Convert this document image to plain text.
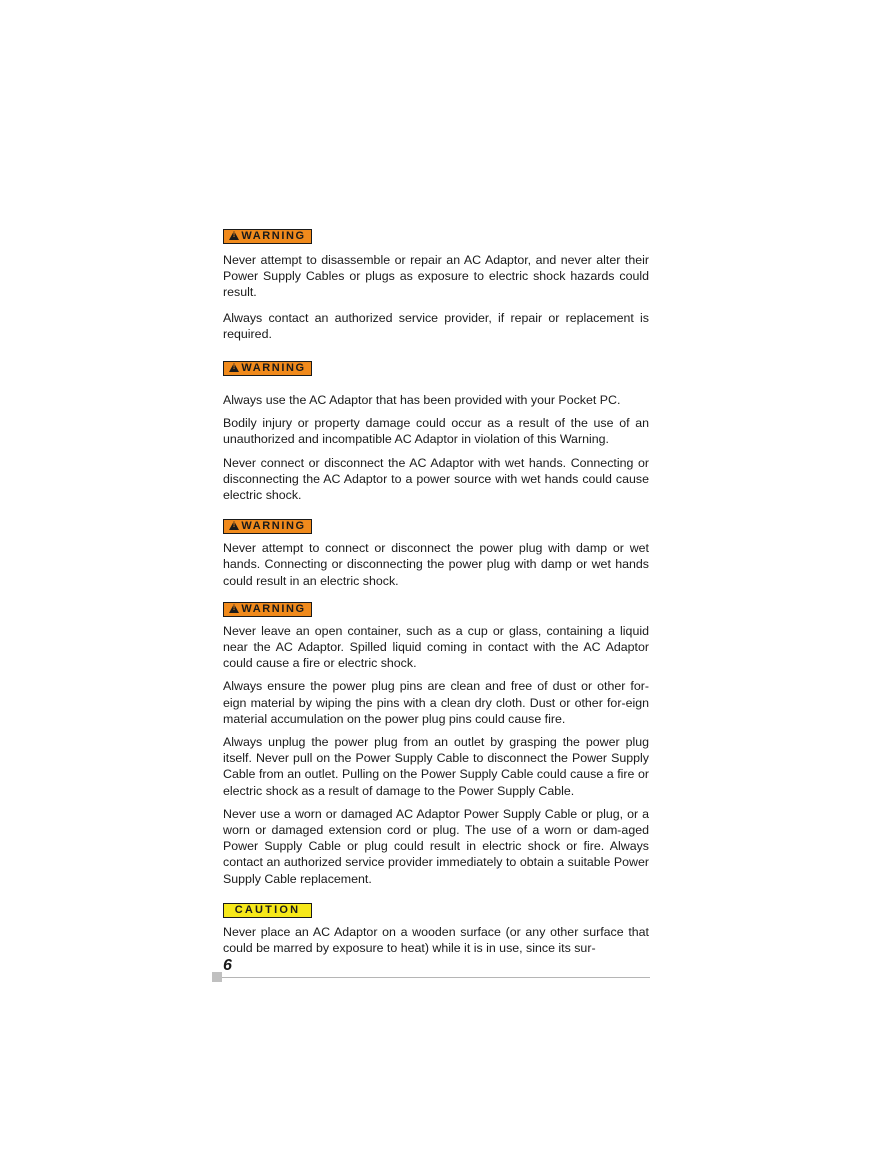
!WARNING

Never attempt to disassemble or repair an AC Adaptor, and never alter their Power Supply Cables or plugs as exposure to electric shock hazards could result.

Always contact an authorized service provider, if repair or replacement is required.

!WARNING

Always use the AC Adaptor that has been provided with your Pocket PC.

Bodily injury or property damage could occur as a result of the use of an unauthorized and incompatible AC Adaptor in violation of this Warning.

Never connect or disconnect the AC Adaptor with wet hands. Connecting or disconnecting the AC Adaptor to a power source with wet hands could cause electric shock.

!WARNING

Never attempt to connect or disconnect the power plug with damp or wet hands. Connecting or disconnecting the power plug with damp or wet hands could result in an electric shock.

!WARNING

Never leave an open container, such as a cup or glass, containing a liquid near the AC Adaptor. Spilled liquid coming in contact with the AC Adaptor could cause a fire or electric shock.

Always ensure the power plug pins are clean and free of dust or other for-eign material by wiping the pins with a clean dry cloth. Dust or other for-eign material accumulation on the power plug pins could cause fire.

Always unplug the power plug from an outlet by grasping the power plug itself. Never pull on the Power Supply Cable to disconnect the Power Supply Cable from an outlet. Pulling on the Power Supply Cable could cause a fire or electric shock as a result of damage to the Power Supply Cable.

Never use a worn or damaged AC Adaptor Power Supply Cable or plug, or a worn or damaged extension cord or plug. The use of a worn or dam-aged Power Supply Cable or plug could result in electric shock or fire. Always contact an authorized service provider immediately to obtain a suitable Power Supply Cable replacement.

CAUTION

Never place an AC Adaptor on a wooden surface (or any other surface that could be marred by exposure to heat) while it is in use, since its sur-

6
